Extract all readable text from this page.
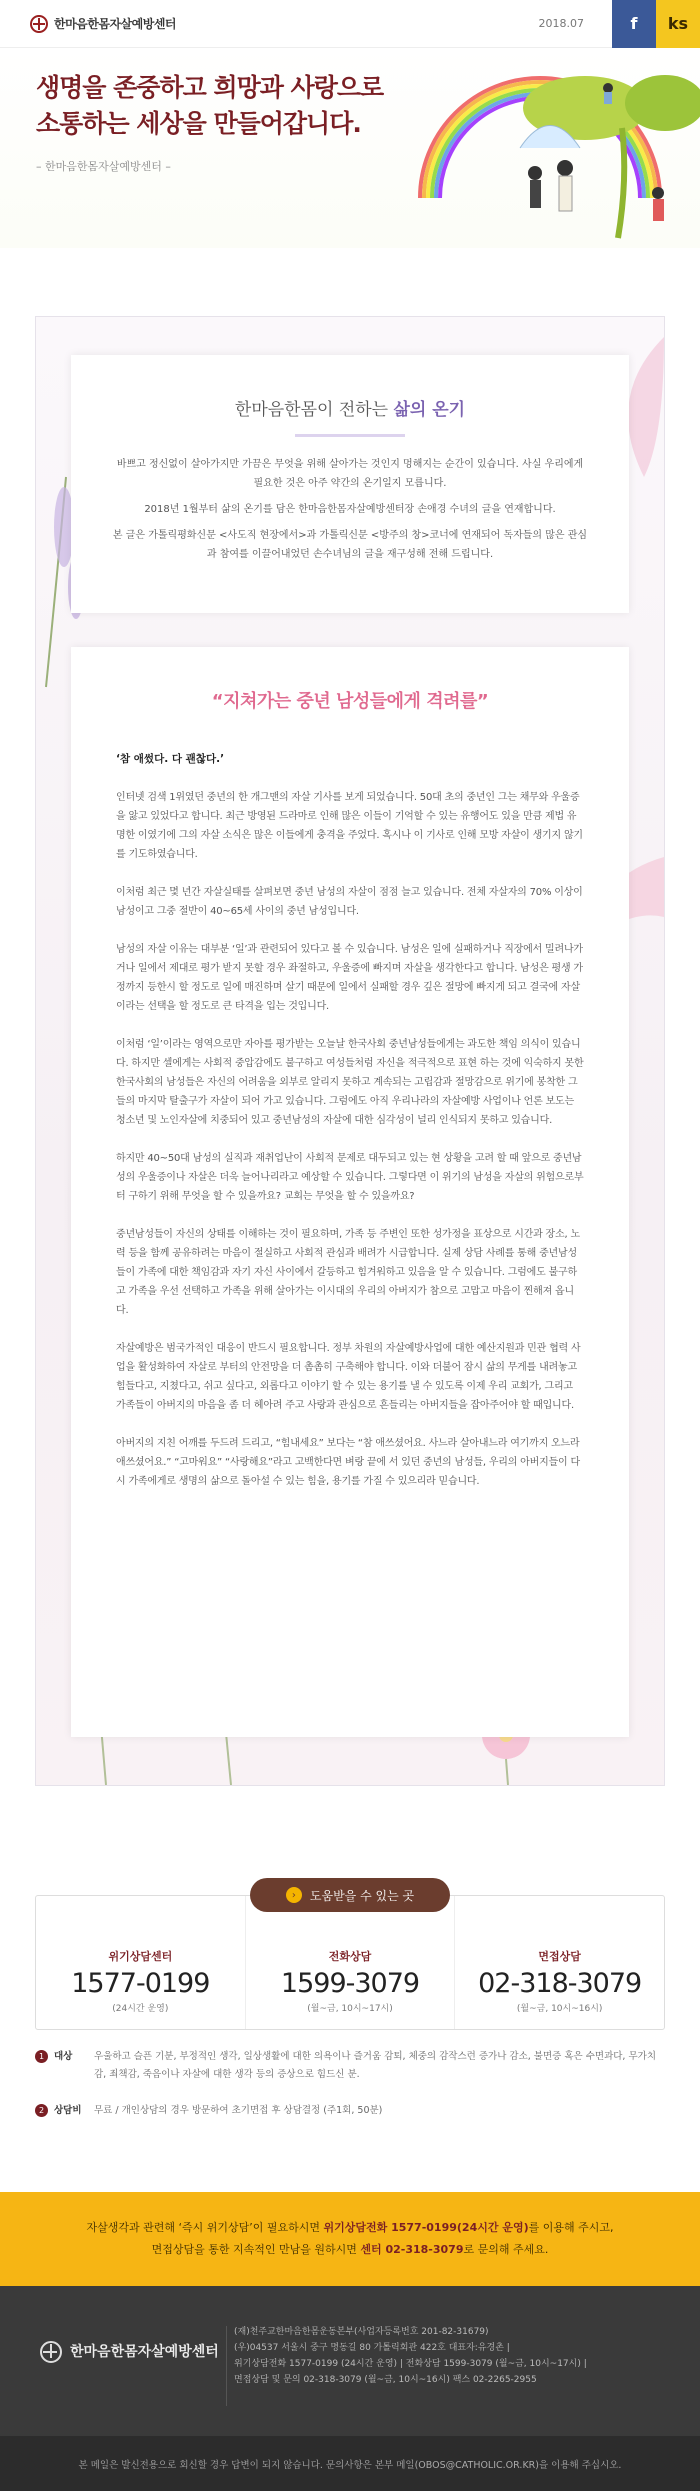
한마음한몸자살예방센터	2018.07	f ks
생명을 존중하고 희망과 사랑으로
소통하는 세상을 만들어갑니다.
– 한마음한몸자살예방센터 –
한마음한몸이 전하는 삶의 온기

바쁘고 정신없이 살아가지만 가끔은 무엇을 위해 살아가는 것인지 멍해지는 순간이 있습니다. 사실 우리에게 필요한 것은 아주 약간의 온기일지 모릅니다.

2018년 1월부터 삶의 온기를 담은 한마음한몸자살예방센터장 손애경 수녀의 글을 연재합니다.

본 글은 가톨릭평화신문 <사도직 현장에서>과 가톨릭신문 <방주의 창>코너에 연재되어 독자들의 많은 관심과 참여를 이끌어내었던 손수녀님의 글을 재구성해 전해 드립니다.

“지쳐가는 중년 남성들에게 격려를”
‘참 애썼다. 다 괜찮다.’

인터넷 검색 1위였던 중년의 한 개그맨의 자살 기사를 보게 되었습니다. 50대 초의 중년인 그는 채무와 우울증을 앓고 있었다고 합니다. 최근 방영된 드라마로 인해 많은 이들이 기억할 수 있는 유행어도 있을 만큼 제법 유명한 이였기에 그의 자살 소식은 많은 이들에게 충격을 주었다. 혹시나 이 기사로 인해 모방 자살이 생기지 않기를 기도하였습니다.

이처럼 최근 몇 년간 자살실태를 살펴보면 중년 남성의 자살이 점점 늘고 있습니다. 전체 자살자의 70% 이상이 남성이고 그중 절반이 40~65세 사이의 중년 남성입니다.

남성의 자살 이유는 대부분 ‘일’과 관련되어 있다고 볼 수 있습니다. 남성은 일에 실패하거나 직장에서 밀려나가거나 일에서 제대로 평가 받지 못할 경우 좌절하고, 우울증에 빠지며 자살을 생각한다고 합니다. 남성은 평생 가정까지 등한시 할 정도로 일에 매진하며 살기 때문에 일에서 실패할 경우 깊은 절망에 빠지게 되고 결국에 자살이라는 선택을 할 정도로 큰 타격을 입는 것입니다.

이처럼 ‘일’이라는 영역으로만 자아를 평가받는 오늘날 한국사회 중년남성들에게는 과도한 책임 의식이 있습니다. 하지만 셀에게는 사회적 중압감에도 불구하고 여성들처럼 자신을 적극적으로 표현 하는 것에 익숙하지 못한 한국사회의 남성들은 자신의 어려움을 외부로 알리지 못하고 계속되는 고립감과 절망감으로 위기에 봉착한 그들의 마지막 탈출구가 자살이 되어 가고 있습니다. 그럼에도 아직 우리나라의 자살예방 사업이나 언론 보도는 청소년 및 노인자살에 치중되어 있고 중년남성의 자살에 대한 심각성이 널리 인식되지 못하고 있습니다.

하지만 40~50대 남성의 실직과 재취업난이 사회적 문제로 대두되고 있는 현 상황을 고려 할 때 앞으로 중년남성의 우울증이나 자살은 더욱 늘어나리라고 예상할 수 있습니다. 그렇다면 이 위기의 남성을 자살의 위험으로부터 구하기 위해 무엇을 할 수 있을까요? 교회는 무엇을 할 수 있을까요?

중년남성들이 자신의 상태를 이해하는 것이 필요하며, 가족 등 주변인 또한 성가정을 표상으로 시간과 장소, 노력 등을 함께 공유하려는 마음이 절실하고 사회적 관심과 배려가 시급합니다. 실제 상담 사례를 통해 중년남성들이 가족에 대한 책임감과 자기 자신 사이에서 갈등하고 힘겨워하고 있음을 알 수 있습니다. 그럼에도 불구하고 가족을 우선 선택하고 가족을 위해 살아가는 이시대의 우리의 아버지가 참으로 고맙고 마음이 찐해져 옵니다.

자살예방은 범국가적인 대응이 반드시 필요합니다. 정부 차원의 자살예방사업에 대한 예산지원과 민관 협력 사업을 활성화하여 자살로 부터의 안전망을 더 촘촘히 구축해야 합니다. 이와 더불어 잠시 삶의 무게를 내려놓고 힘들다고, 지쳤다고, 쉬고 싶다고, 외롭다고 이야기 할 수 있는 용기를 낼 수 있도록 이제 우리 교회가, 그리고 가족들이 아버지의 마음을 좀 더 헤아려 주고 사랑과 관심으로 흔들리는 아버지들을 잡아주어야 할 때입니다.

아버지의 지친 어깨를 두드려 드리고, “힘내세요” 보다는 “참 애쓰셨어요. 사느라 살아내느라 여기까지 오느라 애쓰셨어요.” “고마워요” “사랑해요”라고 고백한다면 벼랑 끝에 서 있던 중년의 남성들, 우리의 아버지들이 다시 가족에게로 생명의 삶으로 돌아설 수 있는 힘을, 용기를 가질 수 있으리라 믿습니다.

위기상담센터
1577-0199
(24시간 운영)
전화상담
1599-3079
(월~금, 10시~17시)
면접상담
02-318-3079
(월~금, 10시~16시)
›	도움받을 수 있는 곳
1	대상	우울하고 슬픈 기분, 부정적인 생각, 일상생활에 대한 의욕이나 즐거움 감퇴, 체중의 감작스런 증가나 감소, 불면증 혹은 수면과다, 무가치감, 죄책감, 죽음이나 자살에 대한 생각 등의 증상으로 힘드신 분.
2	상담비	무료 / 개인상담의 경우 방문하여 초기면접 후 상담결정 (주1회, 50분)
자살생각과 관련해 ‘즉시 위기상담’이 필요하시면 위기상담전화 1577-0199(24시간 운영)를 이용해 주시고,
면접상담을 통한 지속적인 만남을 원하시면 센터 02-318-3079로 문의해 주세요.
한마음한몸자살예방센터
(재)천주교한마음한몸운동본부(사업자등록번호 201-82-31679)
(우)04537 서울시 중구 명동길 80 가톨릭회관 422호 대표자:유경촌 |
위기상담전화 1577-0199 (24시간 운영) | 전화상담 1599-3079 (월~금, 10시~17시) |
면접상담 및 문의 02-318-3079 (월~금, 10시~16시) 팩스 02-2265-2955
본 메일은 발신전용으로 회신할 경우 답변이 되지 않습니다. 문의사항은 본부 메일(OBOS@CATHOLIC.OR.KR)을 이용해 주십시오.
